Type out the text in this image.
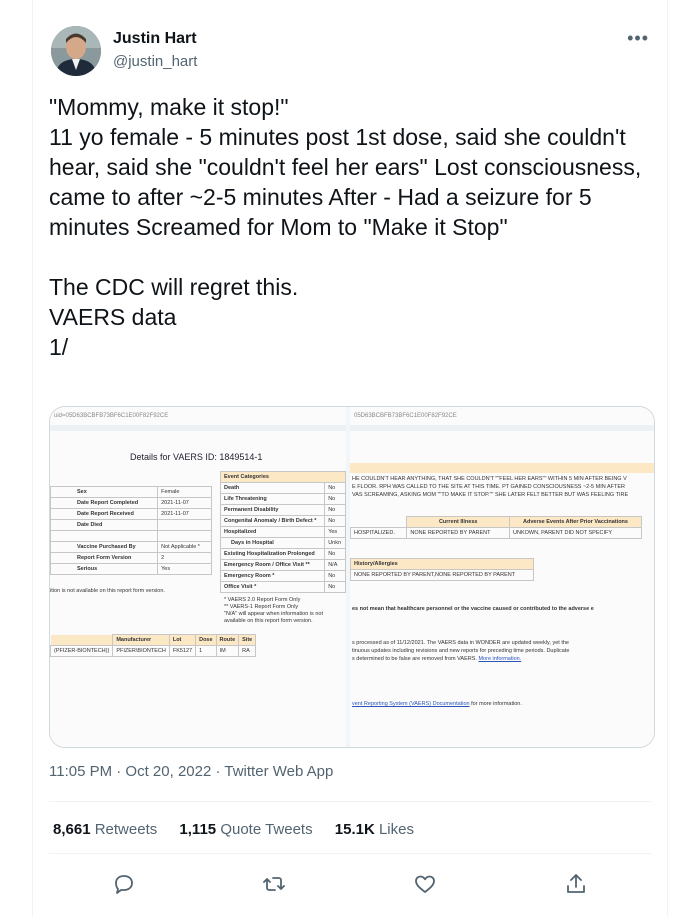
Justin Hart
@justin_hart
•••
"Mommy, make it stop!"
11 yo female - 5 minutes post 1st dose, said she couldn't hear, said she "couldn't feel her ears" Lost consciousness, came to after ~2-5 minutes After - Had a seizure for 5 minutes Screamed for Mom to "Make it Stop"

The CDC will regret this.
VAERS data
1/
uid=05D63BCBFB73BF6C1E00F82F92CE
Details for VAERS ID: 1849514-1
Sex	Female
Date Report Completed	2021-11-07
Date Report Received	2021-11-07
Date Died	

Vaccine Purchased By	Not Applicable *
Report Form Version	2
Serious	Yes
Event Categories	
Death	No
Life Threatening	No
Permanent Disability	No
Congenital Anomaly / Birth Defect *	No
Hospitalized	Yes
Days in Hospital	Unkn
Existing Hospitalization Prolonged	No
Emergency Room / Office Visit **	N/A
Emergency Room *	No
Office Visit *	No
* VAERS 2.0 Report Form Only
** VAERS-1 Report Form Only
"N/A" will appear when information is not
available on this report form version.
ition is not available on this report form version.
	Manufacturer	Lot	Dose	Route	Site
(PFIZER-BIONTECH))	PFIZER\BIONTECH	FK5127	1	IM	RA
05D63BCBFB73BF6C1E00F82F92CE
HE COULDN'T HEAR ANYTHING, THAT SHE COULDN'T ""FEEL HER EARS"" WITHIN 5 MIN AFTER BEING V
E FLOOR. RPH WAS CALLED TO THE SITE AT THIS TIME. PT GAINED CONSCIOUSNESS ~2-5 MIN AFTER
VAS SCREAMING, ASKING MOM ""TO MAKE IT STOP."" SHE LATER FELT BETTER BUT WAS FEELING TIRE
	Current Illness	Adverse Events After Prior Vaccinations
HOSPITALIZED.	NONE REPORTED BY PARENT	UNKOWN, PARENT DID NOT SPECIFY
History/Allergies
NONE REPORTED BY PARENT,NONE REPORTED BY PARENT
es not mean that healthcare personnel or the vaccine caused or contributed to the adverse e
s processed as of 11/12/2021. The VAERS data in WONDER are updated weekly, yet the
tinuous updates including revisions and new reports for preceding time periods. Duplicate
s determined to be false are removed from VAERS. More information.
vent Reporting System (VAERS) Documentation for more information.
11:05 PM · Oct 20, 2022 · Twitter Web App
8,661 Retweets 1,115 Quote Tweets 15.1K Likes
